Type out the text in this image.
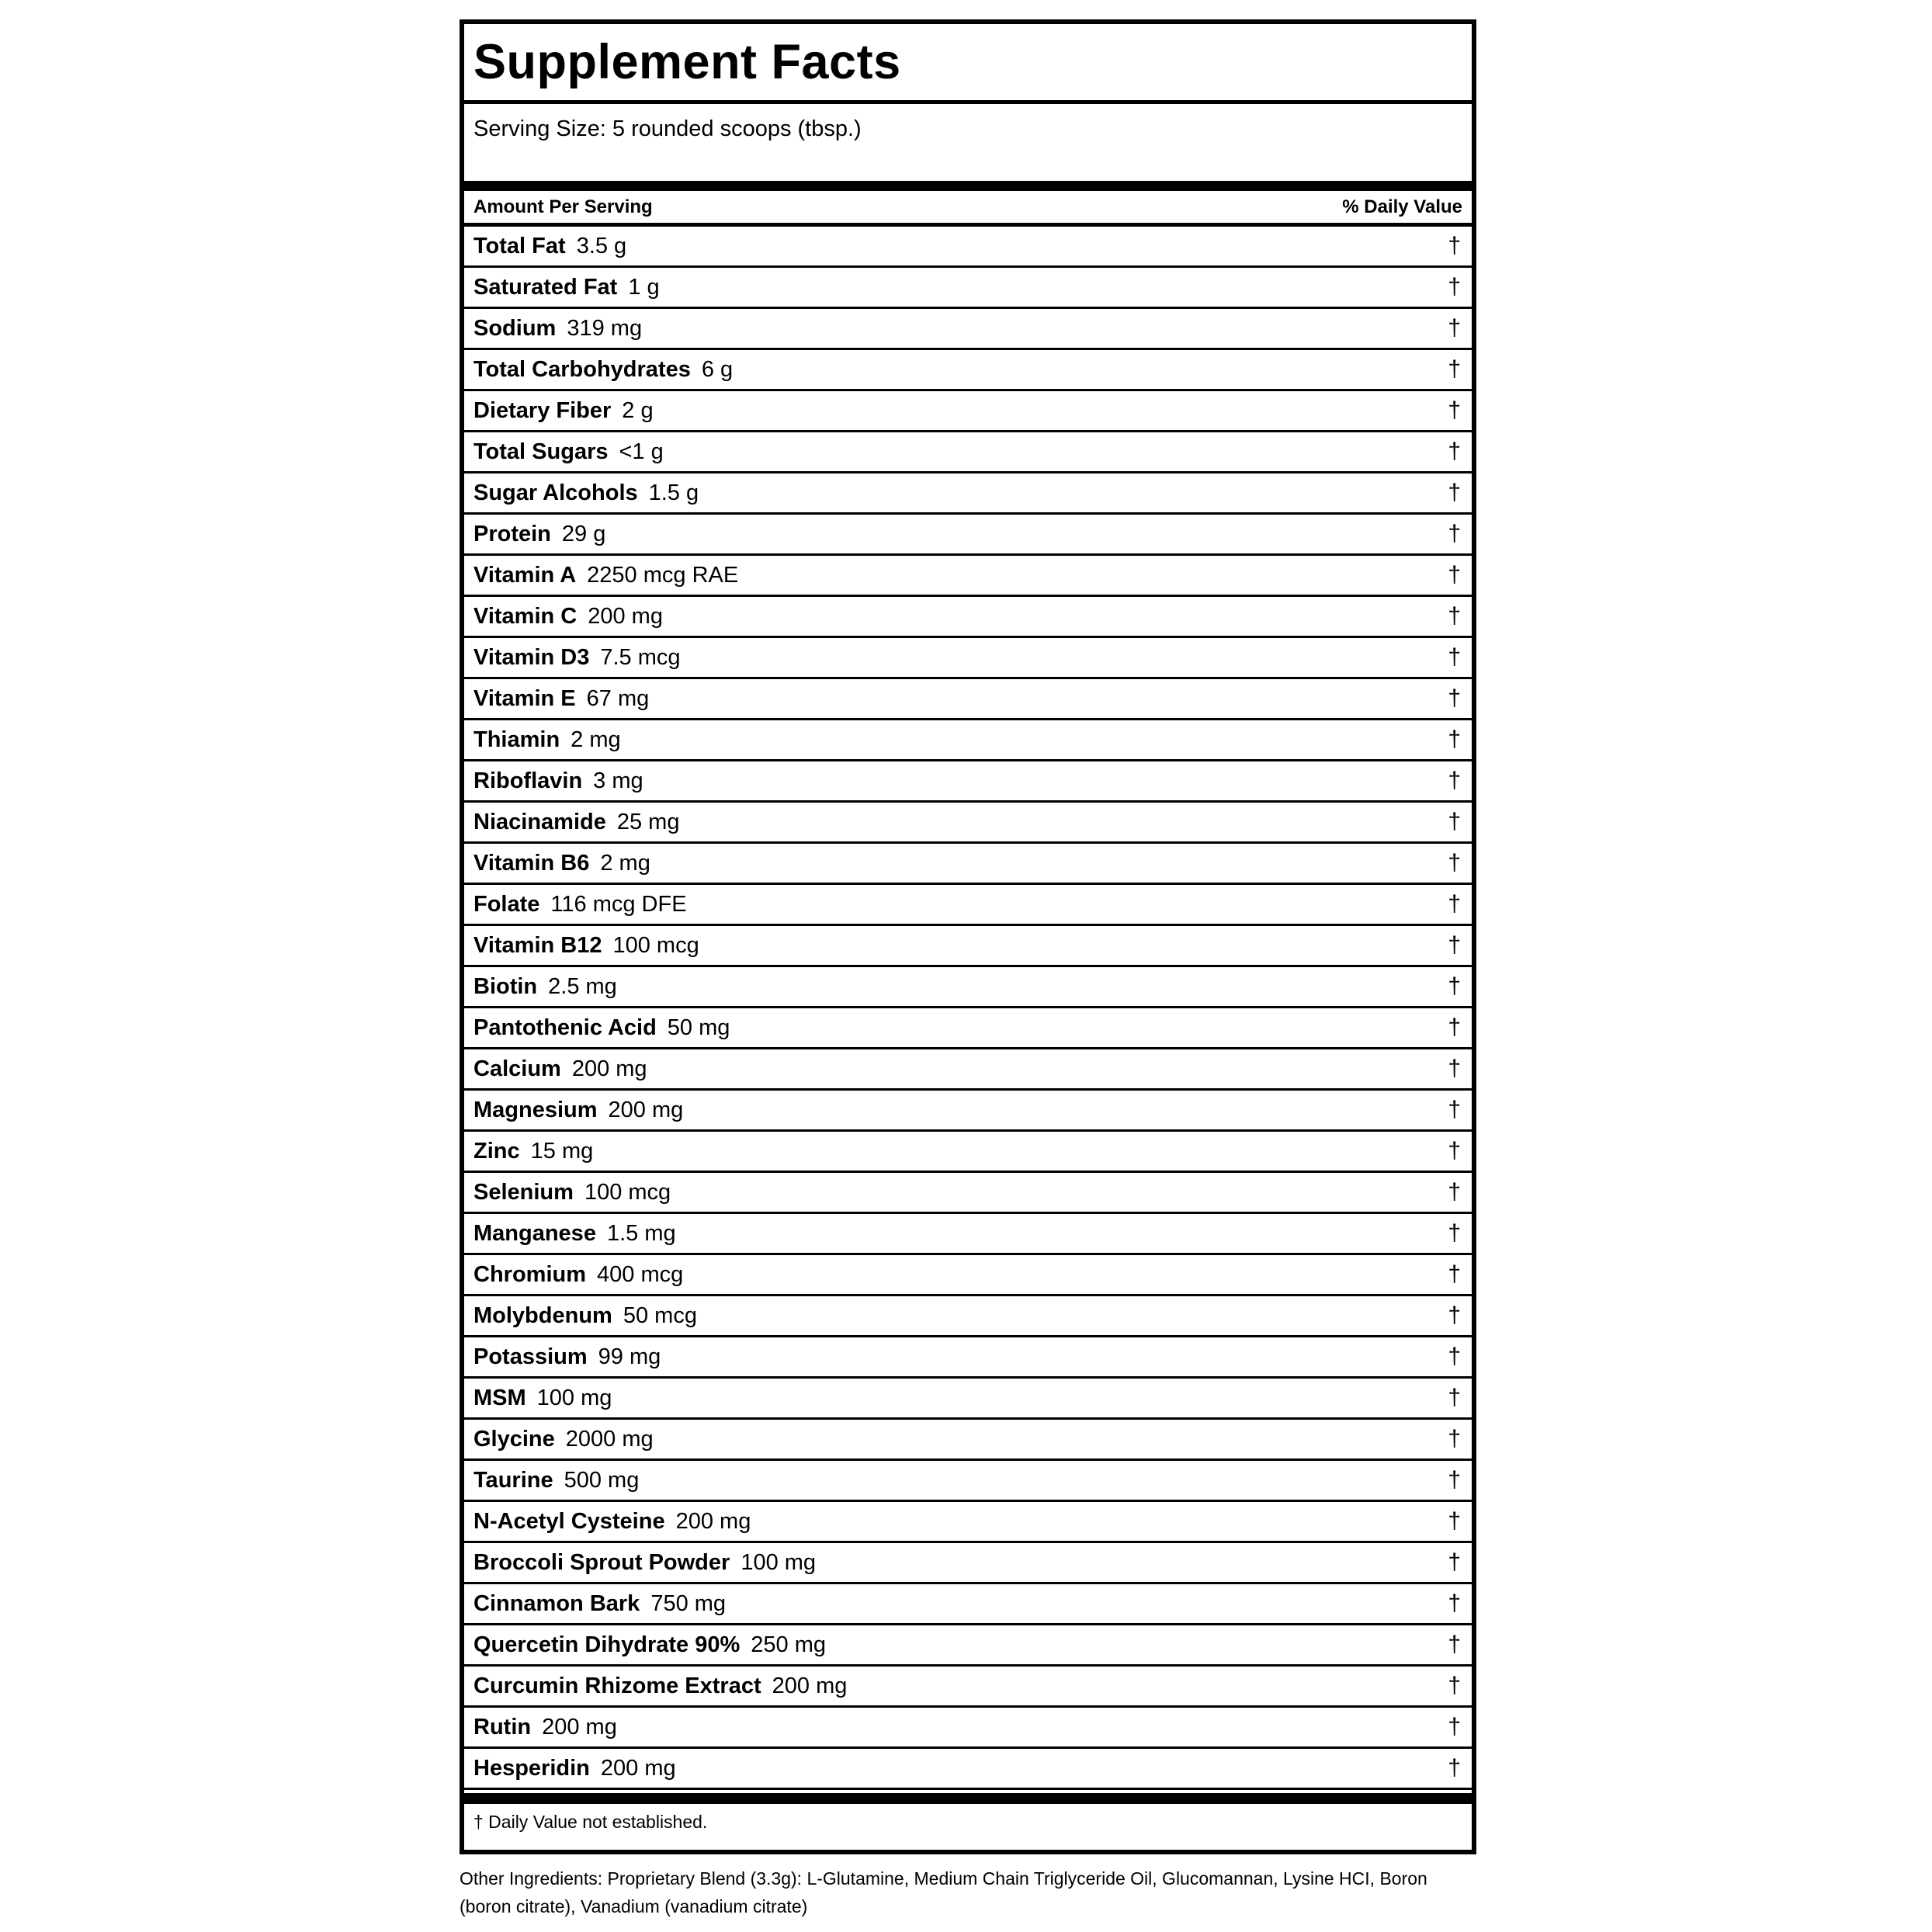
Supplement Facts
Serving Size: 5 rounded scoops (tbsp.)
Amount Per Serving	% Daily Value
Total Fat 3.5 g	†
Saturated Fat 1 g	†
Sodium 319 mg	†
Total Carbohydrates 6 g	†
Dietary Fiber 2 g	†
Total Sugars <1 g	†
Sugar Alcohols 1.5 g	†
Protein 29 g	†
Vitamin A 2250 mcg RAE	†
Vitamin C 200 mg	†
Vitamin D3 7.5 mcg	†
Vitamin E 67 mg	†
Thiamin 2 mg	†
Riboflavin 3 mg	†
Niacinamide 25 mg	†
Vitamin B6 2 mg	†
Folate 116 mcg DFE	†
Vitamin B12 100 mcg	†
Biotin 2.5 mg	†
Pantothenic Acid 50 mg	†
Calcium 200 mg	†
Magnesium 200 mg	†
Zinc 15 mg	†
Selenium 100 mcg	†
Manganese 1.5 mg	†
Chromium 400 mcg	†
Molybdenum 50 mcg	†
Potassium 99 mg	†
MSM 100 mg	†
Glycine 2000 mg	†
Taurine 500 mg	†
N-Acetyl Cysteine 200 mg	†
Broccoli Sprout Powder 100 mg	†
Cinnamon Bark 750 mg	†
Quercetin Dihydrate 90% 250 mg	†
Curcumin Rhizome Extract 200 mg	†
Rutin 200 mg	†
Hesperidin 200 mg	†
† Daily Value not established.
Other Ingredients: Proprietary Blend (3.3g): L-Glutamine, Medium Chain Triglyceride Oil, Glucomannan, Lysine HCI, Boron (boron citrate), Vanadium (vanadium citrate)
